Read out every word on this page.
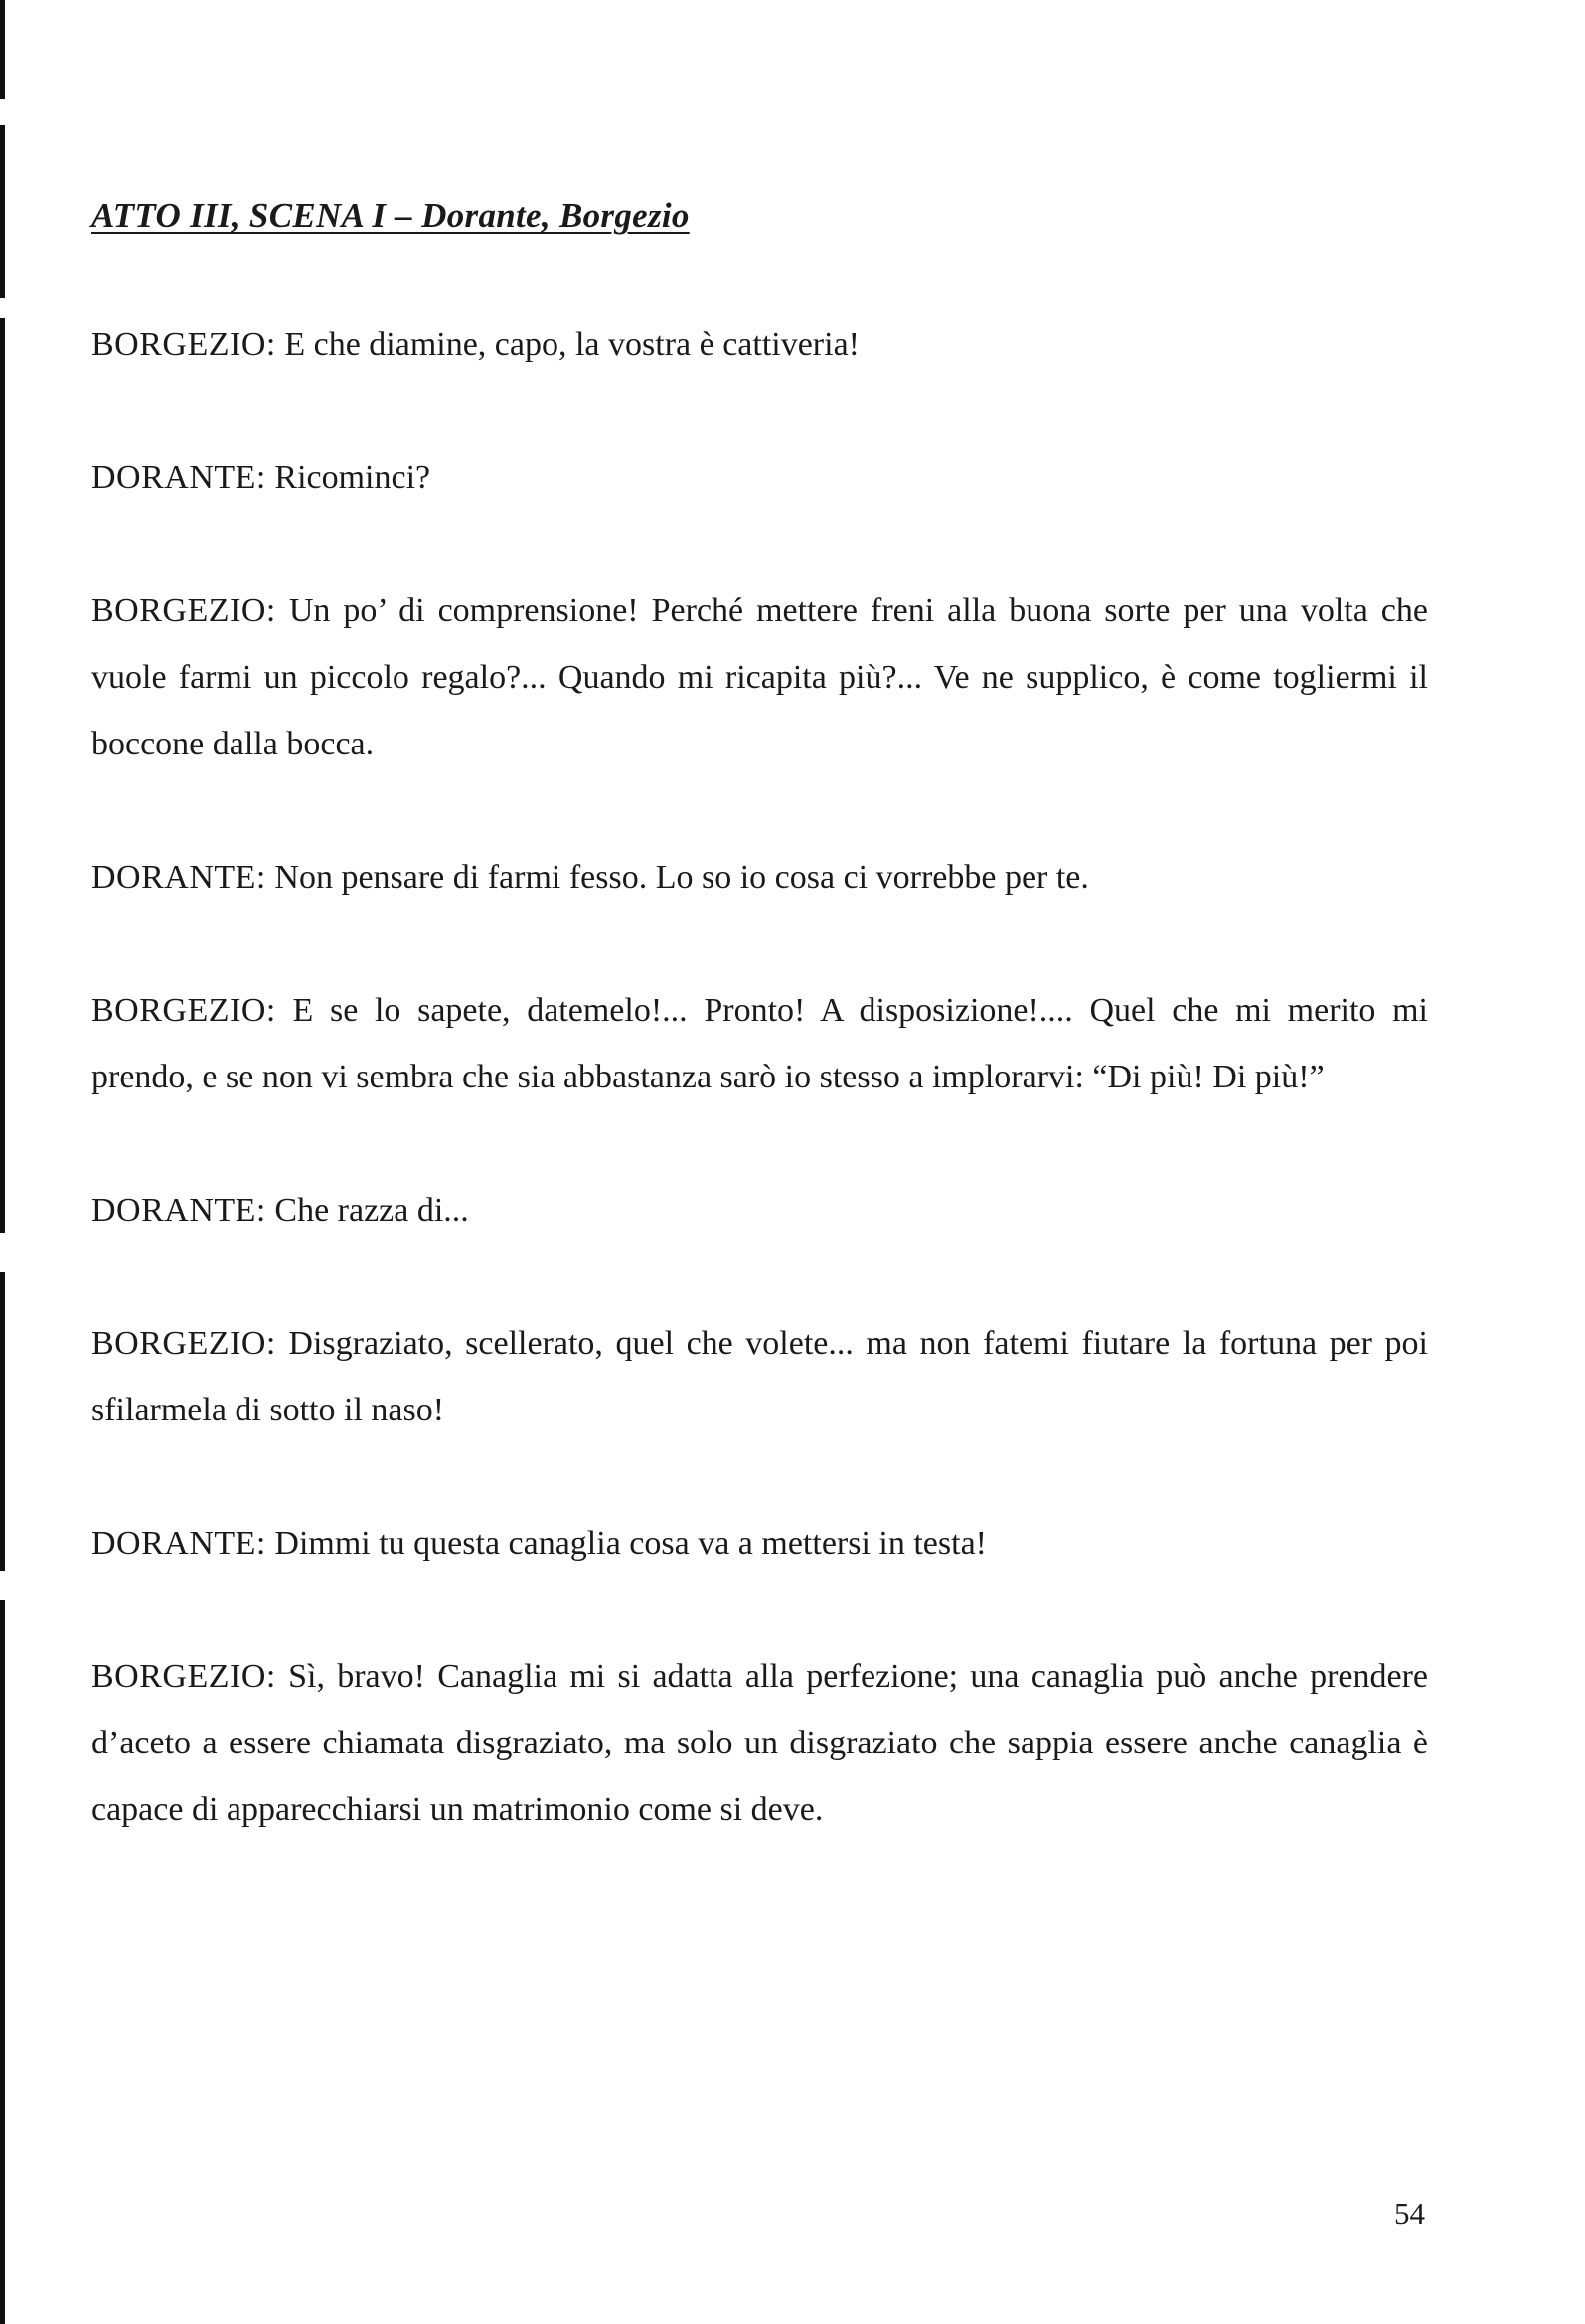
ATTO III, SCENA I – Dorante, Borgezio

BORGEZIO: E che diamine, capo, la vostra è cattiveria!

DORANTE: Ricominci?

BORGEZIO: Un po’ di comprensione! Perché mettere freni alla buona sorte per una volta che vuole farmi un piccolo regalo?... Quando mi ricapita più?... Ve ne supplico, è come togliermi il boccone dalla bocca.

DORANTE: Non pensare di farmi fesso. Lo so io cosa ci vorrebbe per te.

BORGEZIO: E se lo sapete, datemelo!... Pronto! A disposizione!.... Quel che mi merito mi prendo, e se non vi sembra che sia abbastanza sarò io stesso a implorarvi: “Di più! Di più!”

DORANTE: Che razza di...

BORGEZIO: Disgraziato, scellerato, quel che volete... ma non fatemi fiutare la fortuna per poi sfilarmela di sotto il naso!

DORANTE: Dimmi tu questa canaglia cosa va a mettersi in testa!

BORGEZIO: Sì, bravo! Canaglia mi si adatta alla perfezione; una canaglia può anche prendere d’aceto a essere chiamata disgraziato, ma solo un disgraziato che sappia essere anche canaglia è capace di apparecchiarsi un matrimonio come si deve.

54
